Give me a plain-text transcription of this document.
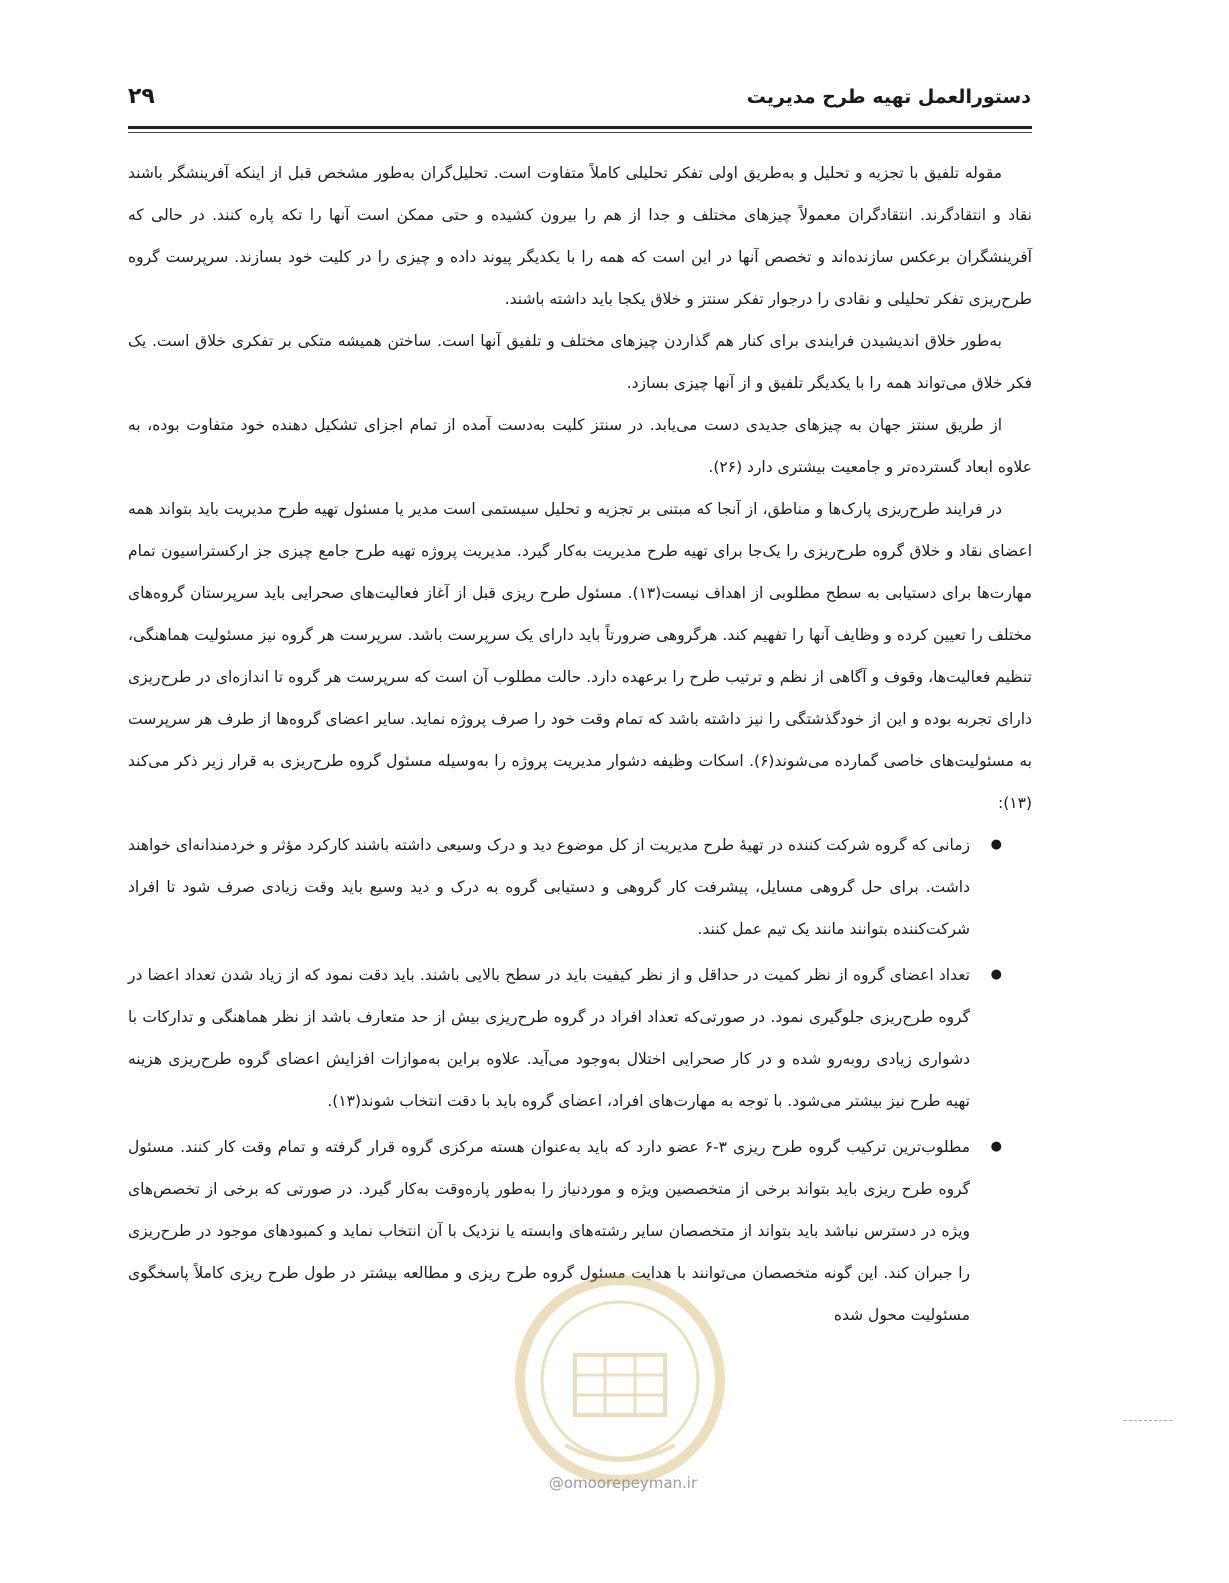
۲۹	دستورالعمل تهیه طرح مدیریت

مقوله تلفیق با تجزیه و تحلیل و به‌طریق اولی تفکر تحلیلی کاملاً متفاوت است. تحلیل‌گران به‌طور مشخص قبل از اینکه آفرینشگر باشند نقاد و انتقادگرند. انتقادگران معمولاً چیزهای مختلف و جدا از هم را بیرون کشیده و حتی ممکن است آنها را تکه پاره کنند. در حالی که آفرینشگران برعکس سازنده‌اند و تخصص آنها در این است که همه را با یکدیگر پیوند داده و چیزی را در کلیت خود بسازند. سرپرست گروه طرح‌ریزی تفکر تحلیلی و نقادی را درجوار تفکر سنتز و خلاق یکجا باید داشته باشند.

به‌طور خلاق اندیشیدن فرایندی برای کنار هم گذاردن چیزهای مختلف و تلفیق آنها است. ساختن همیشه متکی بر تفکری خلاق است. یک فکر خلاق می‌تواند همه را با یکدیگر تلفیق و از آنها چیزی بسازد.

از طریق سنتز جهان به چیزهای جدیدی دست می‌یابد. در سنتز کلیت به‌دست آمده از تمام اجزای تشکیل دهنده خود متفاوت بوده، به علاوه ابعاد گسترده‌تر و جامعیت بیشتری دارد (۲۶).

در فرایند طرح‌ریزی پارک‌ها و مناطق، از آنجا که مبتنی بر تجزیه و تحلیل سیستمی است مدیر یا مسئول تهیه طرح مدیریت باید بتواند همه اعضای نقاد و خلاق گروه طرح‌ریزی را یک‌جا برای تهیه طرح مدیریت به‌کار گیرد. مدیریت پروژه تهیه طرح جامع چیزی جز ارکستراسیون تمام مهارت‌ها برای دستیابی به سطح مطلوبی از اهداف نیست(۱۳). مسئول طرح ریزی قبل از آغاز فعالیت‌های صحرایی باید سرپرستان گروه‌های مختلف را تعیین کرده و وظایف آنها را تفهیم کند. هرگروهی ضرورتاً باید دارای یک سرپرست باشد. سرپرست هر گروه نیز مسئولیت هماهنگی، تنظیم فعالیت‌ها، وقوف و آگاهی از نظم و ترتیب طرح را برعهده دارد. حالت مطلوب آن است که سرپرست هر گروه تا اندازه‌ای در طرح‌ریزی دارای تجربه بوده و این از خودگذشتگی را نیز داشته باشد که تمام وقت خود را صرف پروژه نماید. سایر اعضای گروه‌ها از طرف هر سرپرست به مسئولیت‌های خاصی گمارده می‌شوند(۶). اسکات وظیفه دشوار مدیریت پروژه را به‌وسیله مسئول گروه طرح‌ریزی به قرار زیر ذکر می‌کند (۱۳):

● زمانی که گروه شرکت کننده در تهیهٔ طرح مدیریت از کل موضوع دید و درک وسیعی داشته باشند کارکرد مؤثر و خردمندانه‌ای خواهند داشت. برای حل گروهی مسایل، پیشرفت کار گروهی و دستیابی گروه به درک و دید وسیع باید وقت زیادی صرف شود تا افراد شرکت‌کننده بتوانند مانند یک تیم عمل کنند.
● تعداد اعضای گروه از نظر کمیت در حداقل و از نظر کیفیت باید در سطح بالایی باشند. باید دقت نمود که از زیاد شدن تعداد اعضا در گروه طرح‌ریزی جلوگیری نمود. در صورتی‌که تعداد افراد در گروه طرح‌ریزی بیش از حد متعارف باشد از نظر هماهنگی و تدارکات با دشواری زیادی روبه‌رو شده و در کار صحرایی اختلال به‌وجود می‌آید. علاوه براین به‌موازات افزایش اعضای گروه طرح‌ریزی هزینه تهیه طرح نیز بیشتر می‌شود. با توجه به مهارت‌های افراد، اعضای گروه باید با دقت انتخاب شوند(۱۳).
● مطلوب‌ترین ترکیب گروه طرح ریزی ۳-۶ عضو دارد که باید به‌عنوان هسته مرکزی گروه قرار گرفته و تمام وقت کار کنند. مسئول گروه طرح ریزی باید بتواند برخی از متخصصین ویژه و موردنیاز را به‌طور پاره‌وقت به‌کار گیرد. در صورتی که برخی از تخصص‌های ویژه در دسترس نباشد باید بتواند از متخصصان سایر رشته‌های وابسته یا نزدیک با آن انتخاب نماید و کمبودهای موجود در طرح‌ریزی را جبران کند. این گونه متخصصان می‌توانند با هدایت مسئول گروه طرح ریزی و مطالعه بیشتر در طول طرح ریزی کاملاً پاسخگوی مسئولیت محول شده
@omoorepeyman.ir
